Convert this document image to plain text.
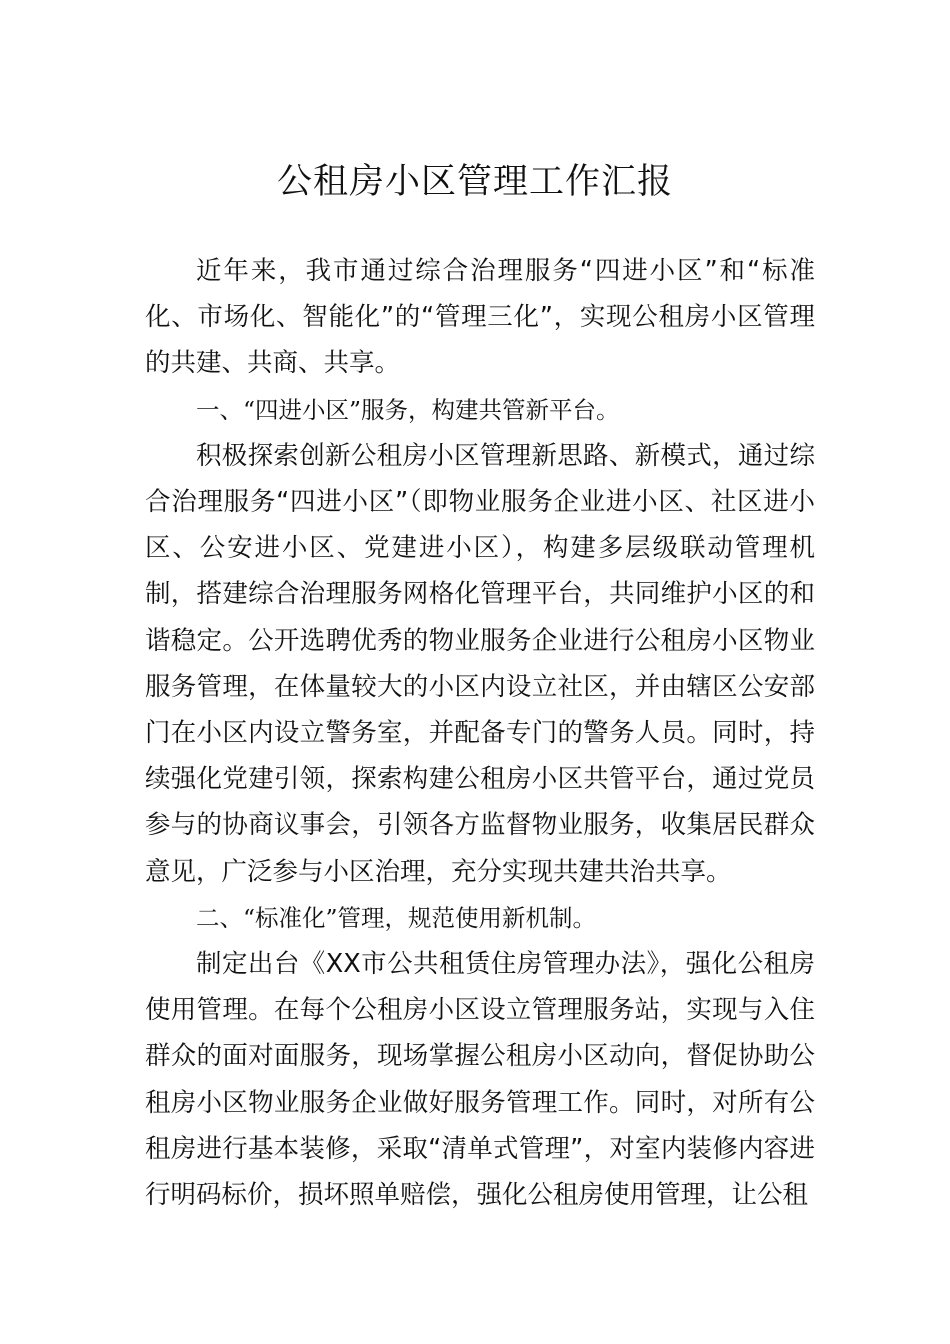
公租房小区管理工作汇报

近年来，我市通过综合治理服务“四进小区”和“标准化、市场化、智能化”的“管理三化”，实现公租房小区管理的共建、共商、共享。

一、“四进小区”服务，构建共管新平台。

积极探索创新公租房小区管理新思路、新模式，通过综合治理服务“四进小区”（即物业服务企业进小区、社区进小区、公安进小区、党建进小区），构建多层级联动管理机制，搭建综合治理服务网格化管理平台，共同维护小区的和谐稳定。公开选聘优秀的物业服务企业进行公租房小区物业服务管理，在体量较大的小区内设立社区，并由辖区公安部门在小区内设立警务室，并配备专门的警务人员。同时，持续强化党建引领，探索构建公租房小区共管平台，通过党员参与的协商议事会，引领各方监督物业服务，收集居民群众意见，广泛参与小区治理，充分实现共建共治共享。

二、“标准化”管理，规范使用新机制。

制定出台《XX市公共租赁住房管理办法》，强化公租房使用管理。在每个公租房小区设立管理服务站，实现与入住群众的面对面服务，现场掌握公租房小区动向，督促协助公租房小区物业服务企业做好服务管理工作。同时，对所有公租房进行基本装修，采取“清单式管理”，对室内装修内容进行明码标价，损坏照单赔偿，强化公租房使用管理，让公租
